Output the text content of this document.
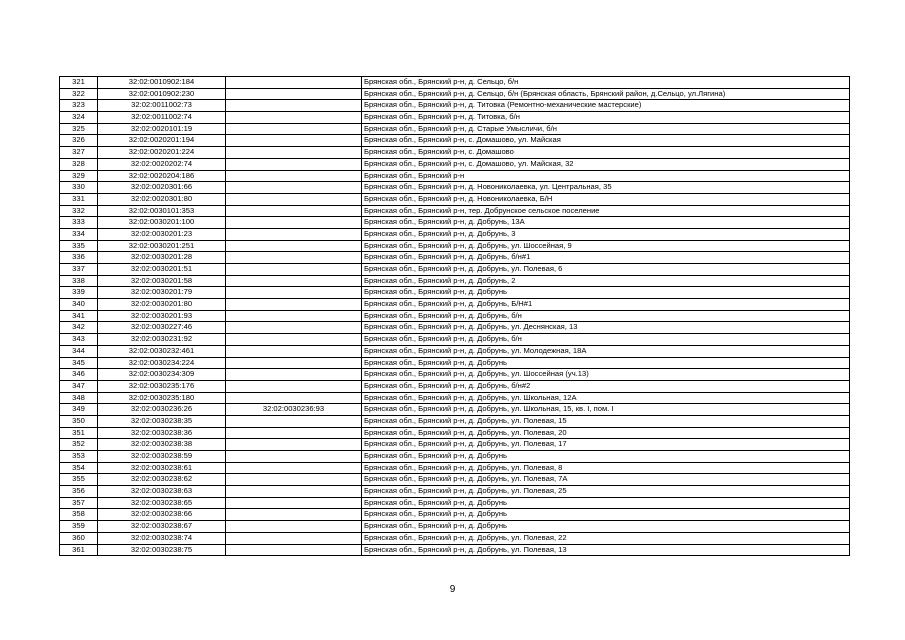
321	32:02:0010902:184		Брянская обл., Брянский р-н, д. Сельцо, б/н
322	32:02:0010902:230		Брянская обл., Брянский р-н, д. Сельцо, б/н (Брянская область, Брянский район, д.Сельцо, ул.Лягина)
323	32:02:0011002:73		Брянская обл., Брянский р-н, д. Титовка (Ремонтно-механические мастерские)
324	32:02:0011002:74		Брянская обл., Брянский р-н, д. Титовка, б/н
325	32:02:0020101:19		Брянская обл., Брянский р-н, д. Старые Умысличи, б/н
326	32:02:0020201:194		Брянская обл., Брянский р-н, с. Домашово, ул. Майская
327	32:02:0020201:224		Брянская обл., Брянский р-н, с. Домашово
328	32:02:0020202:74		Брянская обл., Брянский р-н, с. Домашово, ул. Майская, 32
329	32:02:0020204:186		Брянская обл., Брянский р-н
330	32:02:0020301:66		Брянская обл., Брянский р-н, д. Новониколаевка, ул. Центральная, 35
331	32:02:0020301:80		Брянская обл., Брянский р-н, д. Новониколаевка, Б/Н
332	32:02:0030101:353		Брянская обл., Брянский р-н, тер. Добрунское сельское поселение
333	32:02:0030201:100		Брянская обл., Брянский р-н, д. Добрунь, 13А
334	32:02:0030201:23		Брянская обл., Брянский р-н, д. Добрунь, 3
335	32:02:0030201:251		Брянская обл., Брянский р-н, д. Добрунь, ул. Шоссейная, 9
336	32:02:0030201:28		Брянская обл., Брянский р-н, д. Добрунь, б/н#1
337	32:02:0030201:51		Брянская обл., Брянский р-н, д. Добрунь, ул. Полевая, 6
338	32:02:0030201:58		Брянская обл., Брянский р-н, д. Добрунь, 2
339	32:02:0030201:79		Брянская обл., Брянский р-н, д. Добрунь
340	32:02:0030201:80		Брянская обл., Брянский р-н, д. Добрунь, Б/Н#1
341	32:02:0030201:93		Брянская обл., Брянский р-н, д. Добрунь, б/н
342	32:02:0030227:46		Брянская обл., Брянский р-н, д. Добрунь, ул. Деснянская, 13
343	32:02:0030231:92		Брянская обл., Брянский р-н, д. Добрунь, б/н
344	32:02:0030232:461		Брянская обл., Брянский р-н, д. Добрунь, ул. Молодежная, 18А
345	32:02:0030234:224		Брянская обл., Брянский р-н, д. Добрунь
346	32:02:0030234:309		Брянская обл., Брянский р-н, д. Добрунь, ул. Шоссейная (уч.13)
347	32:02:0030235:176		Брянская обл., Брянский р-н, д. Добрунь, б/н#2
348	32:02:0030235:180		Брянская обл., Брянский р-н, д. Добрунь, ул. Школьная, 12А
349	32:02:0030236:26	32:02:0030236:93	Брянская обл., Брянский р-н, д. Добрунь, ул. Школьная, 15, кв. I, пом. I
350	32:02:0030238:35		Брянская обл., Брянский р-н, д. Добрунь, ул. Полевая, 15
351	32:02:0030238:36		Брянская обл., Брянский р-н, д. Добрунь, ул. Полевая, 20
352	32:02:0030238:38		Брянская обл., Брянский р-н, д. Добрунь, ул. Полевая, 17
353	32:02:0030238:59		Брянская обл., Брянский р-н, д. Добрунь
354	32:02:0030238:61		Брянская обл., Брянский р-н, д. Добрунь, ул. Полевая, 8
355	32:02:0030238:62		Брянская обл., Брянский р-н, д. Добрунь, ул. Полевая, 7А
356	32:02:0030238:63		Брянская обл., Брянский р-н, д. Добрунь, ул. Полевая, 25
357	32:02:0030238:65		Брянская обл., Брянский р-н, д. Добрунь
358	32:02:0030238:66		Брянская обл., Брянский р-н, д. Добрунь
359	32:02:0030238:67		Брянская обл., Брянский р-н, д. Добрунь
360	32:02:0030238:74		Брянская обл., Брянский р-н, д. Добрунь, ул. Полевая, 22
361	32:02:0030238:75		Брянская обл., Брянский р-н, д. Добрунь, ул. Полевая, 13
9
